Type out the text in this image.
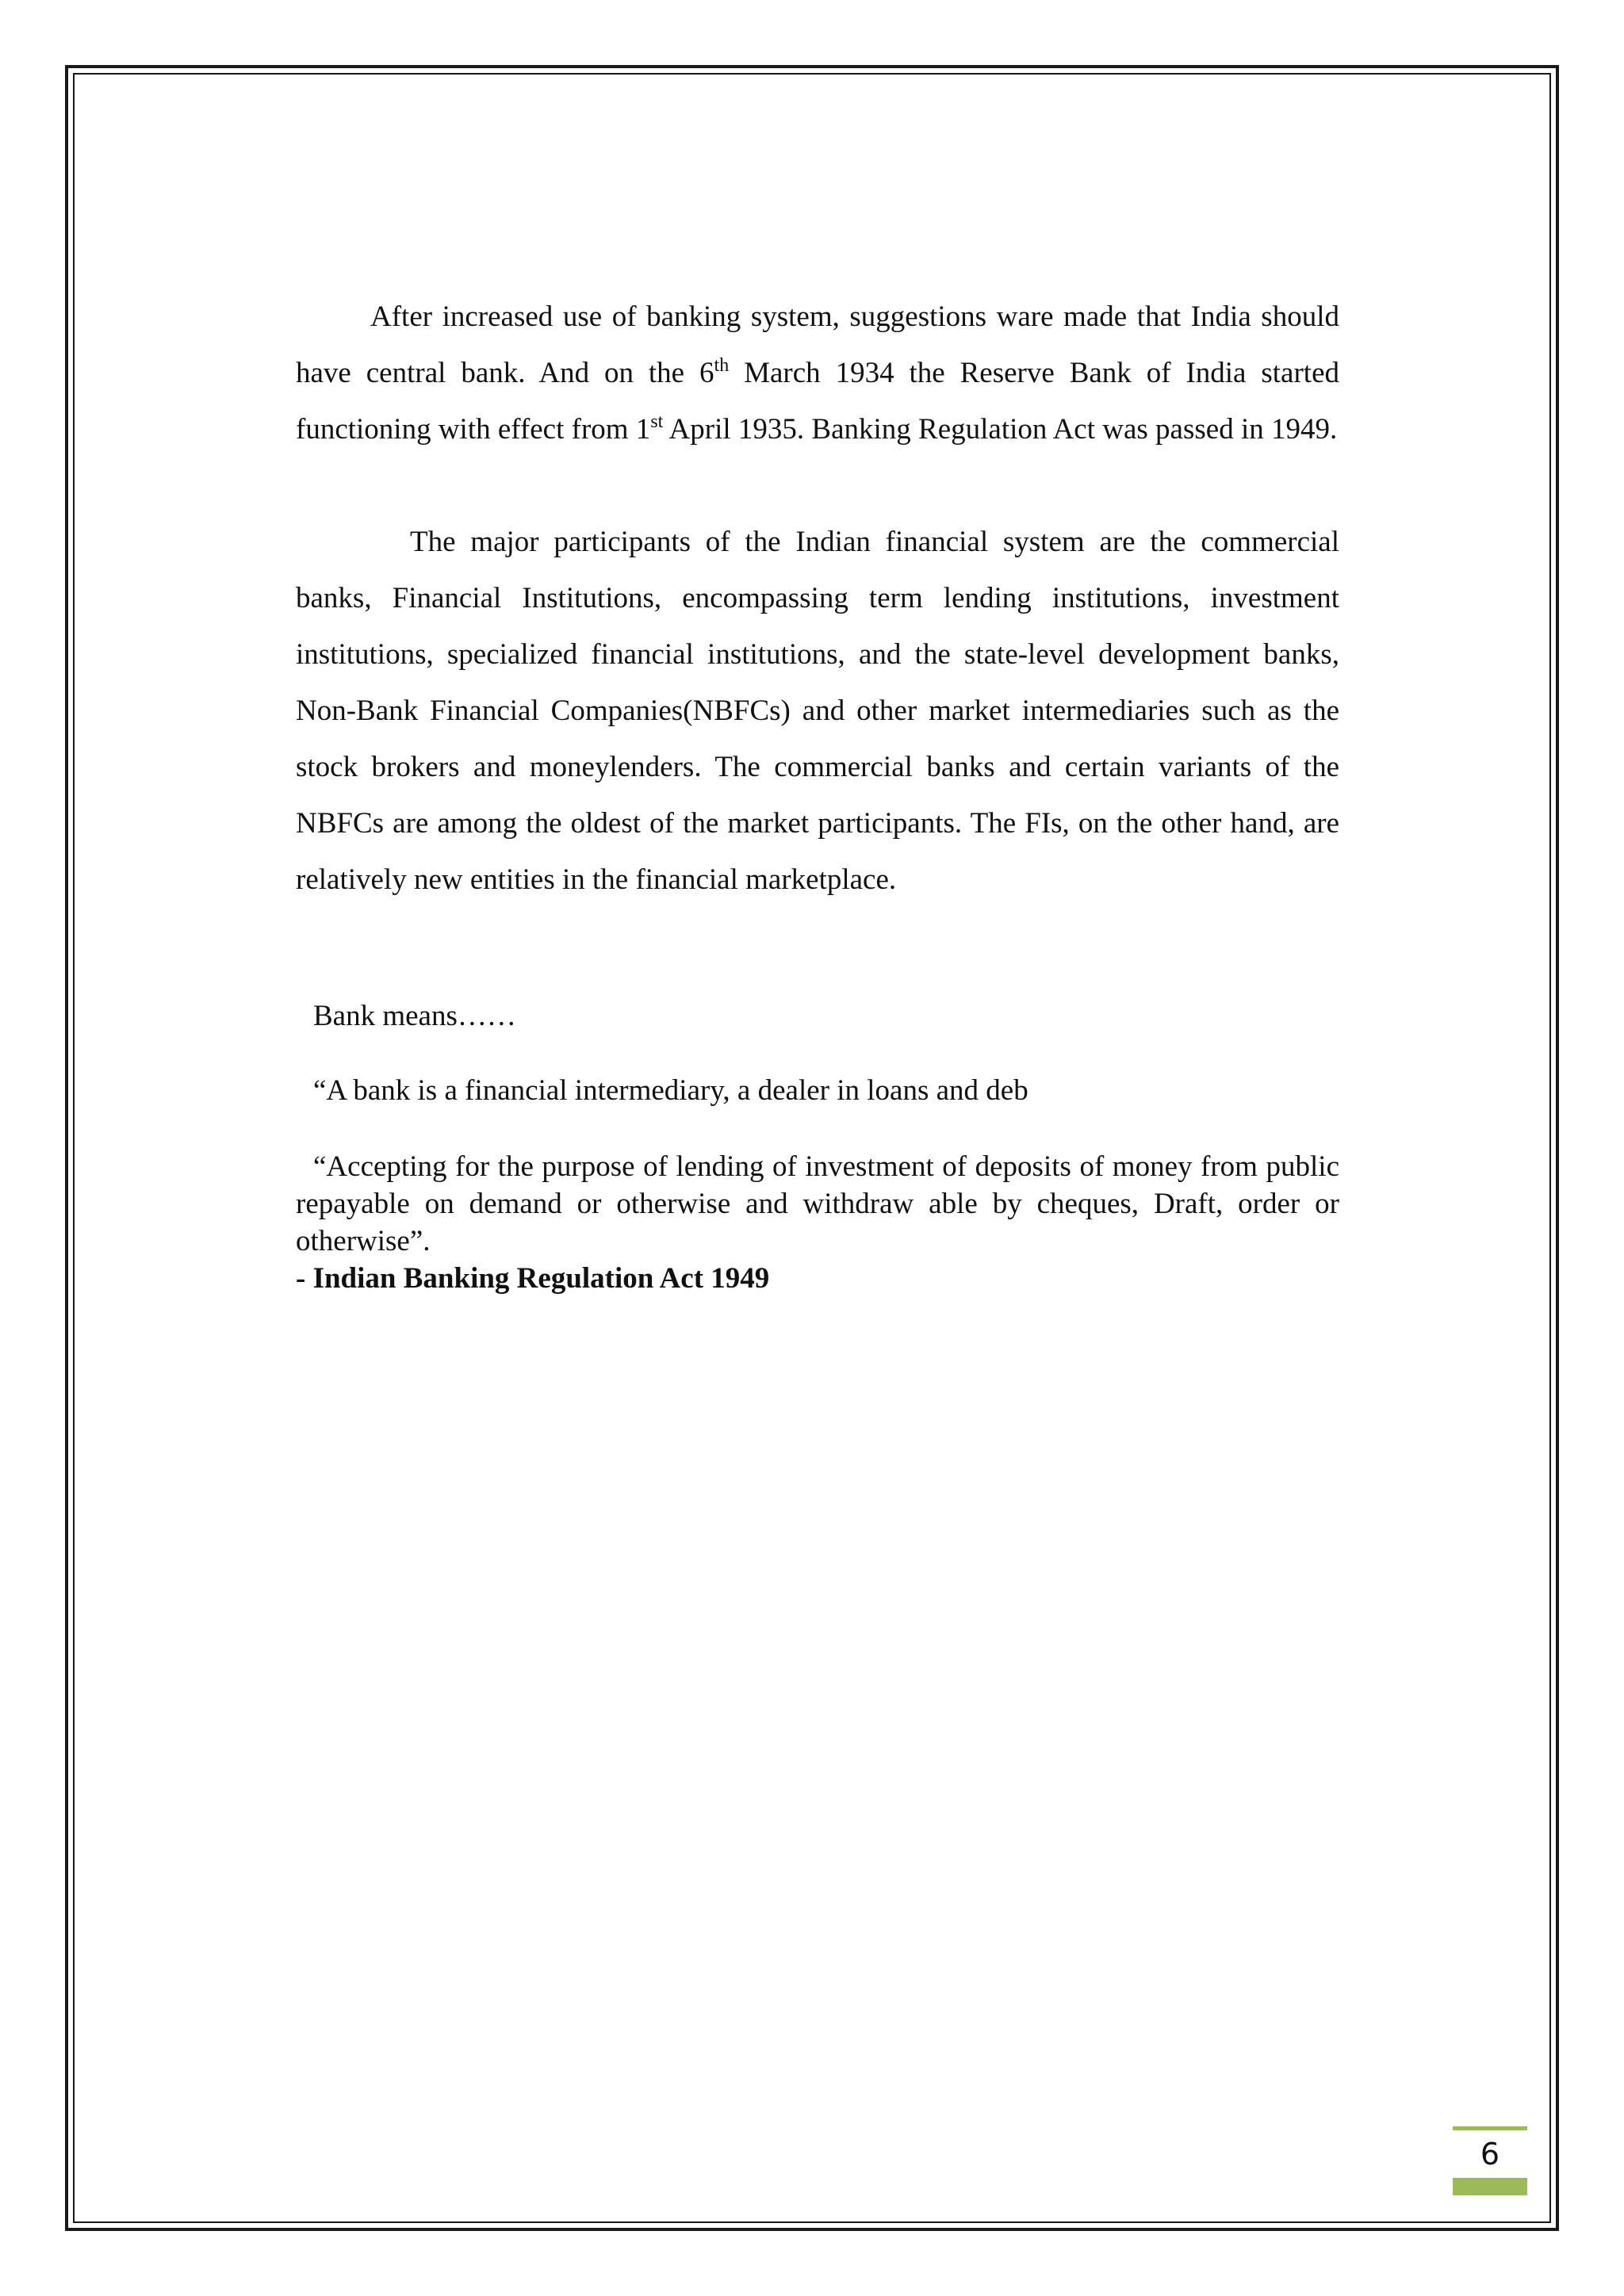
After increased use of banking system, suggestions ware made that India should have central bank. And on the 6th March 1934 the Reserve Bank of India started functioning with effect from 1st April 1935. Banking Regulation Act was passed in 1949.

The major participants of the Indian financial system are the commercial banks, Financial Institutions, encompassing term lending institutions, investment institutions, specialized financial institutions, and the state-level development banks, Non-Bank Financial Companies(NBFCs) and other market intermediaries such as the stock brokers and moneylenders. The commercial banks and certain variants of the NBFCs are among the oldest of the market participants. The FIs, on the other hand, are relatively new entities in the financial marketplace.

Bank means……

“A bank is a financial intermediary, a dealer in loans and deb

“Accepting for the purpose of lending of investment of deposits of money from public repayable on demand or otherwise and withdraw able by cheques, Draft, order or otherwise”.

- Indian Banking Regulation Act 1949

6
